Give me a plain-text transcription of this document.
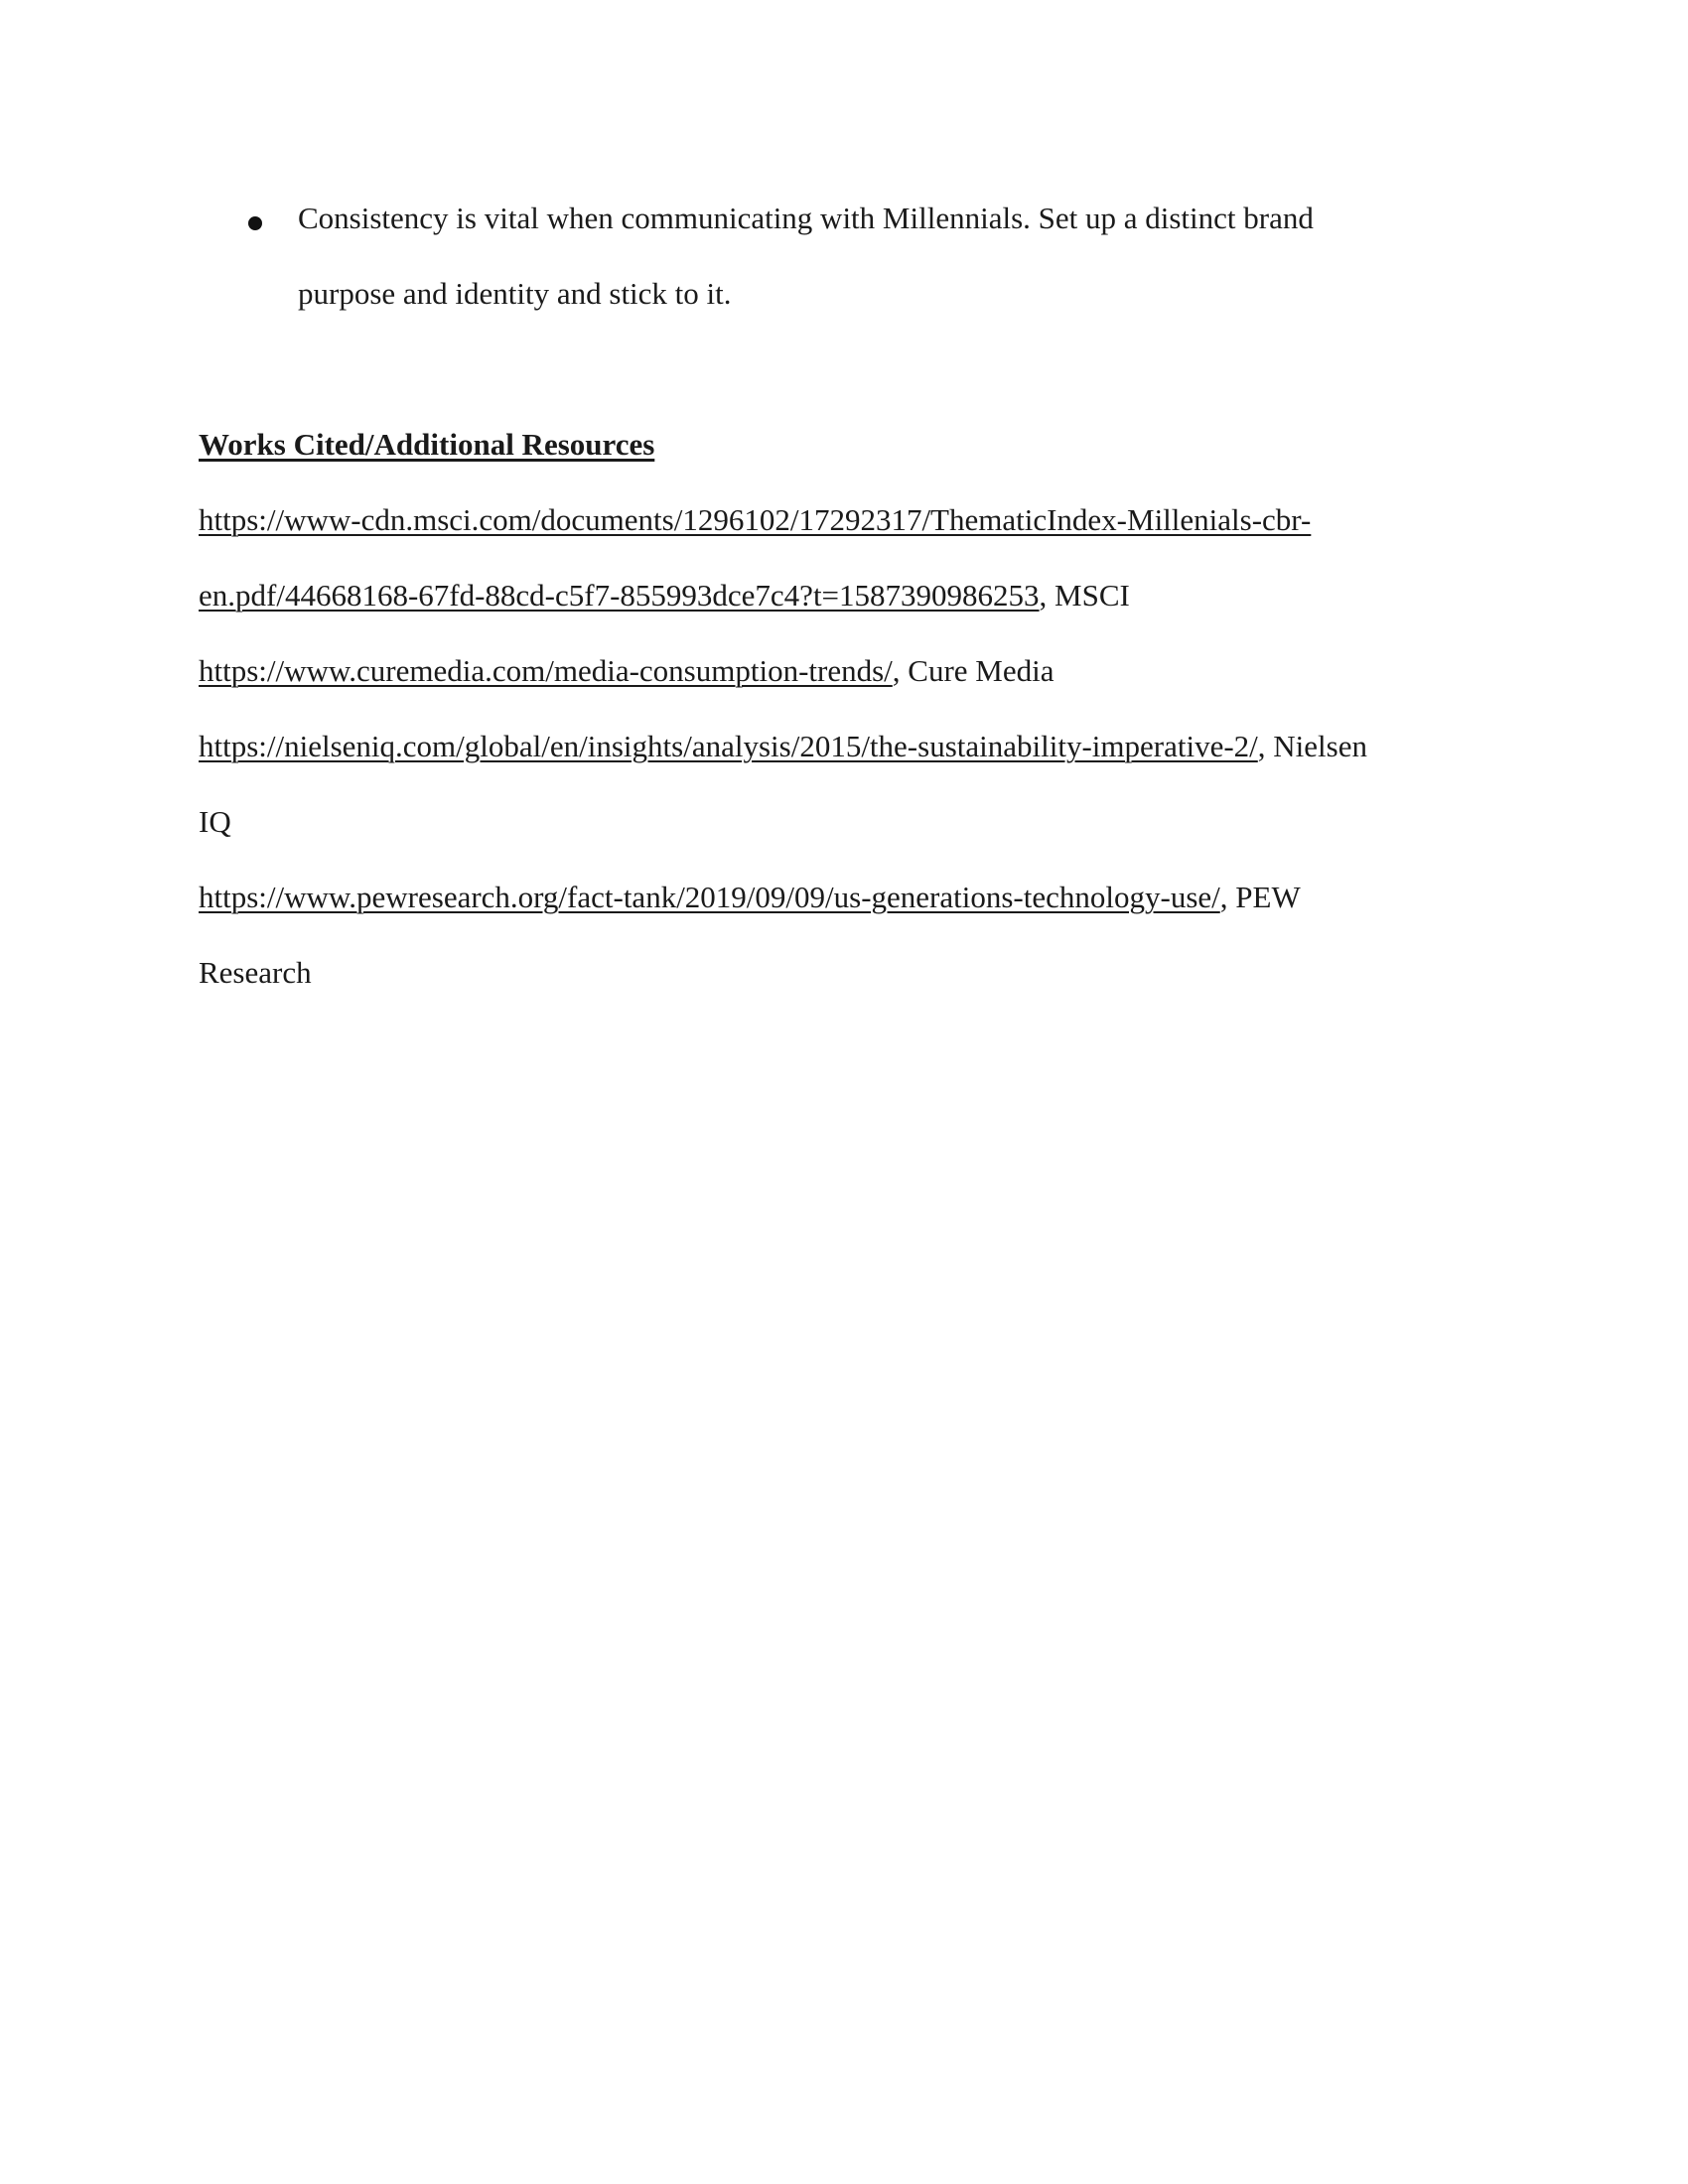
Consistency is vital when communicating with Millennials. Set up a distinct brand
purpose and identity and stick to it.
Works Cited/Additional Resources
https://www-cdn.msci.com/documents/1296102/17292317/ThematicIndex-Millenials-cbr-
en.pdf/44668168-67fd-88cd-c5f7-855993dce7c4?t=1587390986253, MSCI
https://www.curemedia.com/media-consumption-trends/, Cure Media
https://nielseniq.com/global/en/insights/analysis/2015/the-sustainability-imperative-2/, Nielsen
IQ
https://www.pewresearch.org/fact-tank/2019/09/09/us-generations-technology-use/, PEW
Research
